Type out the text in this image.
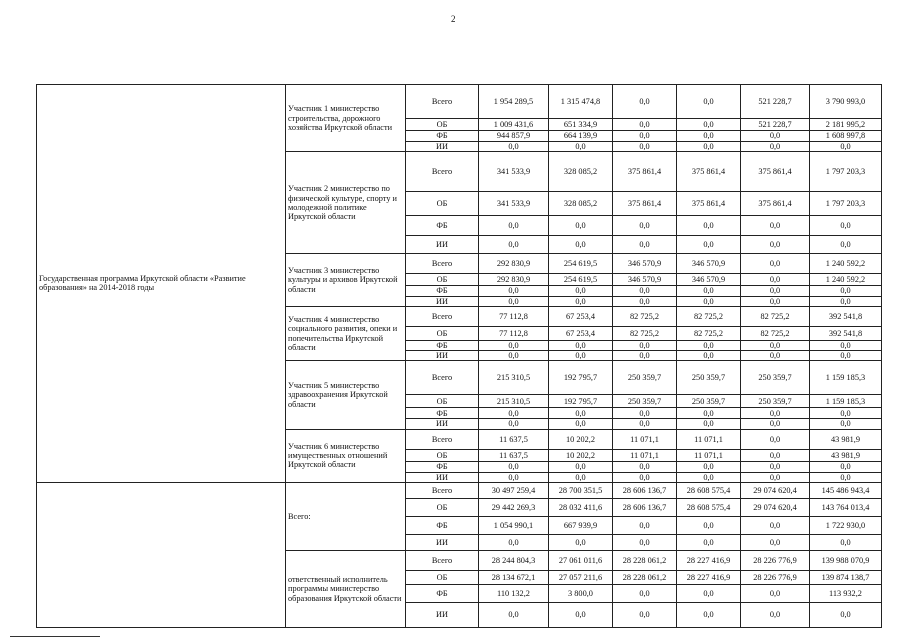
2
Государственная программа Иркутской области «Развитие образования» на 2014-2018 годы	Участник 1 министерство строительства, дорожного хозяйства Иркутской области	Всего	1 954 289,5	1 315 474,8	0,0	0,0	521 228,7	3 790 993,0
		ОБ	1 009 431,6	651 334,9	0,0	0,0	521 228,7	2 181 995,2
		ФБ	944 857,9	664 139,9	0,0	0,0	0,0	1 608 997,8
		ИИ	0,0	0,0	0,0	0,0	0,0	0,0
	Участник 2 министерство по физической культуре, спорту и молодежной политике Иркутской области	Всего	341 533,9	328 085,2	375 861,4	375 861,4	375 861,4	1 797 203,3
		ОБ	341 533,9	328 085,2	375 861,4	375 861,4	375 861,4	1 797 203,3
		ФБ	0,0	0,0	0,0	0,0	0,0	0,0
		ИИ	0,0	0,0	0,0	0,0	0,0	0,0
	Участник 3 министерство культуры и архивов Иркутской области	Всего	292 830,9	254 619,5	346 570,9	346 570,9	0,0	1 240 592,2
		ОБ	292 830,9	254 619,5	346 570,9	346 570,9	0,0	1 240 592,2
		ФБ	0,0	0,0	0,0	0,0	0,0	0,0
		ИИ	0,0	0,0	0,0	0,0	0,0	0,0
	Участник 4 министерство социального развития, опеки и попечительства Иркутской области	Всего	77 112,8	67 253,4	82 725,2	82 725,2	82 725,2	392 541,8
		ОБ	77 112,8	67 253,4	82 725,2	82 725,2	82 725,2	392 541,8
		ФБ	0,0	0,0	0,0	0,0	0,0	0,0
		ИИ	0,0	0,0	0,0	0,0	0,0	0,0
	Участник 5 министерство здравоохранения Иркутской области	Всего	215 310,5	192 795,7	250 359,7	250 359,7	250 359,7	1 159 185,3
		ОБ	215 310,5	192 795,7	250 359,7	250 359,7	250 359,7	1 159 185,3
		ФБ	0,0	0,0	0,0	0,0	0,0	0,0
		ИИ	0,0	0,0	0,0	0,0	0,0	0,0
	Участник 6 министерство имущественных отношений Иркутской области	Всего	11 637,5	10 202,2	11 071,1	11 071,1	0,0	43 981,9
		ОБ	11 637,5	10 202,2	11 071,1	11 071,1	0,0	43 981,9
		ФБ	0,0	0,0	0,0	0,0	0,0	0,0
		ИИ	0,0	0,0	0,0	0,0	0,0	0,0
	Всего:	Всего	30 497 259,4	28 700 351,5	28 606 136,7	28 608 575,4	29 074 620,4	145 486 943,4
		ОБ	29 442 269,3	28 032 411,6	28 606 136,7	28 608 575,4	29 074 620,4	143 764 013,4
		ФБ	1 054 990,1	667 939,9	0,0	0,0	0,0	1 722 930,0
		ИИ	0,0	0,0	0,0	0,0	0,0	0,0
	ответственный исполнитель программы министерство образования Иркутской области	Всего	28 244 804,3	27 061 011,6	28 228 061,2	28 227 416,9	28 226 776,9	139 988 070,9
		ОБ	28 134 672,1	27 057 211,6	28 228 061,2	28 227 416,9	28 226 776,9	139 874 138,7
		ФБ	110 132,2	3 800,0	0,0	0,0	0,0	113 932,2
		ИИ	0,0	0,0	0,0	0,0	0,0	0,0
